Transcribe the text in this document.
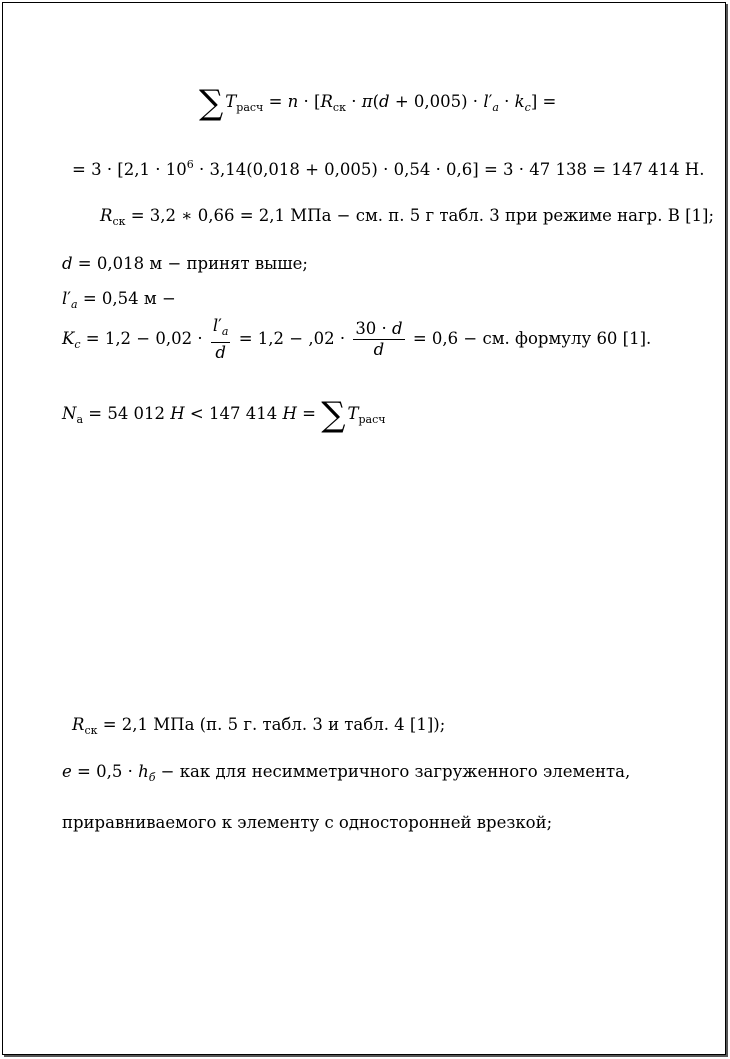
∑ $T_{расч} = n \cdot [R_{ск} \cdot \pi(d + 0,005) \cdot l'_a \cdot k_c]$ =
= $3 \cdot [2,1 \cdot 10^6 \cdot 3,14(0,018 + 0,005) \cdot 0,54 \cdot 0,6] = 3 \cdot 47$ 138 = 147 414 Н.
$R_{ск} = 3,2$ ∗ 0,66 = 2,1 МПа − см. п. 5 г табл. 3 при режиме нагр. В [1];
d = 0,018 м − принят выше;
$l'_a = 0,54$ м −
$K_c = 1,2 - 0,02 \cdot \frac{l'_a}{d} = 1,2 - ,02 \cdot \frac{30 \cdot d}{d} = 0,6$ − см. формулу 60 [1].
$N_а = 54$ 012 Н < 147 414 Н = ∑ $T_{расч}$
$R_{ск} = 2,1$ МПа (п. 5 г. табл. 3 и табл. 4 [1]);
$e = 0,5 \cdot h_б$ − как для несимметричного загруженного элемента,
приравниваемого к элементу с односторонней врезкой;
